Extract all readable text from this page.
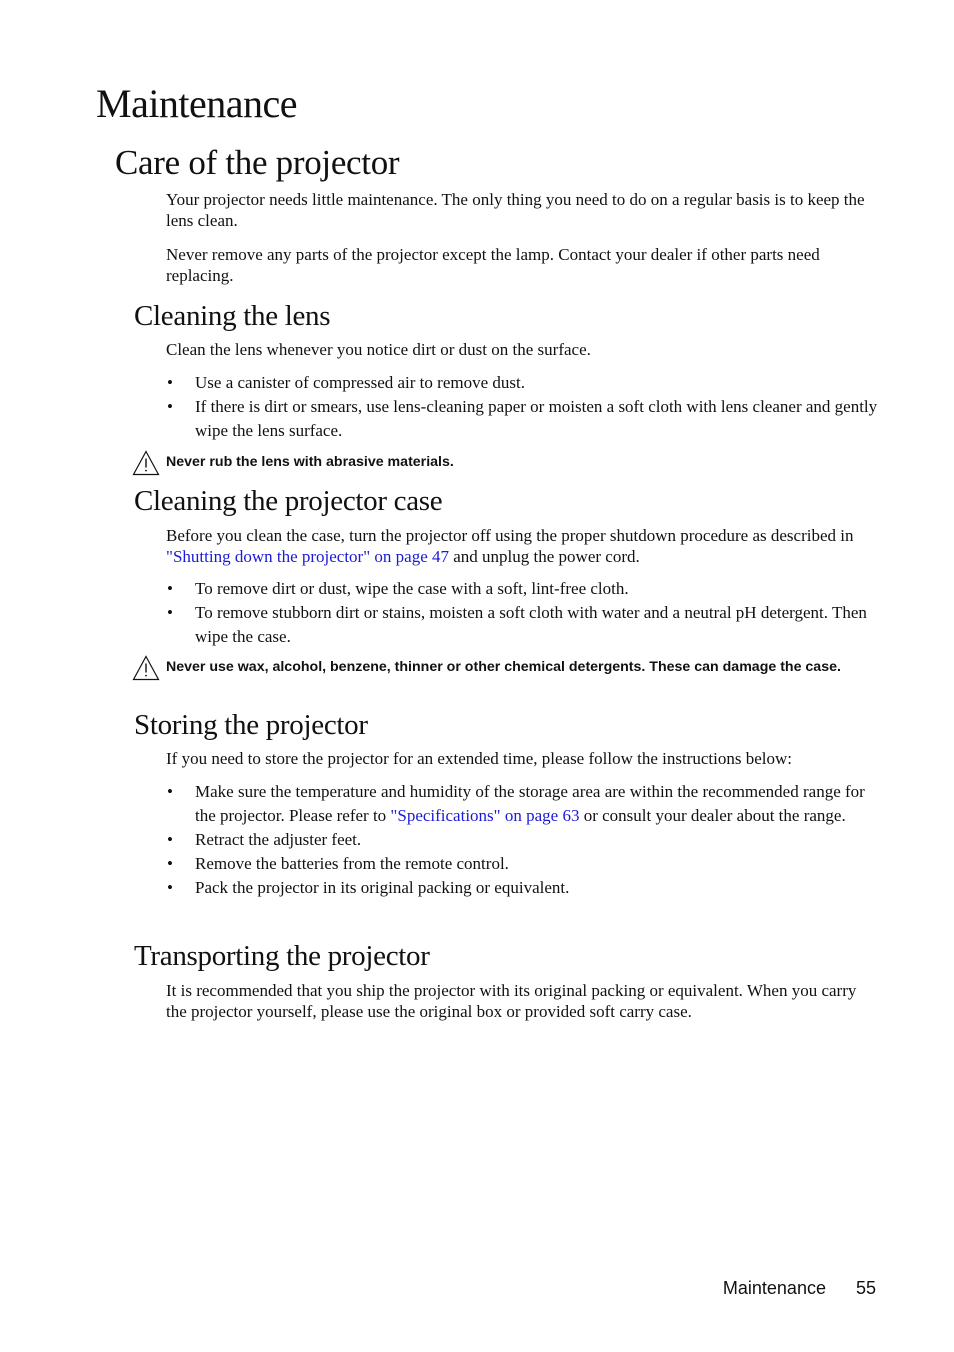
Maintenance
Care of the projector

Your projector needs little maintenance. The only thing you need to do on a regular basis is to keep the lens clean.

Never remove any parts of the projector except the lamp. Contact your dealer if other parts need replacing.

Cleaning the lens

Clean the lens whenever you notice dirt or dust on the surface.

• Use a canister of compressed air to remove dust.
• If there is dirt or smears, use lens-cleaning paper or moisten a soft cloth with lens cleaner and gently wipe the lens surface.
Never rub the lens with abrasive materials.
Cleaning the projector case

Before you clean the case, turn the projector off using the proper shutdown procedure as described in "Shutting down the projector" on page 47 and unplug the power cord.

• To remove dirt or dust, wipe the case with a soft, lint-free cloth.
• To remove stubborn dirt or stains, moisten a soft cloth with water and a neutral pH detergent. Then wipe the case.
Never use wax, alcohol, benzene, thinner or other chemical detergents. These can damage the case.
Storing the projector

If you need to store the projector for an extended time, please follow the instructions below:

• Make sure the temperature and humidity of the storage area are within the recommended range for the projector. Please refer to "Specifications" on page 63 or consult your dealer about the range.
• Retract the adjuster feet.
• Remove the batteries from the remote control.
• Pack the projector in its original packing or equivalent.
Transporting the projector

It is recommended that you ship the projector with its original packing or equivalent. When you carry the projector yourself, please use the original box or provided soft carry case.

Maintenance 55
